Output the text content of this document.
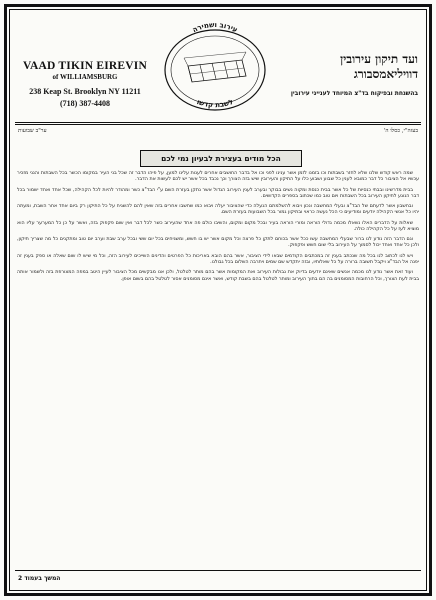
VAAD TIKIN EIREVIN
of WILLIAMSBURG
238 Keap St. Brooklyn NY 11211
(718) 387-4408
עירוב ושמירה
לשבת קדשו
ועד תיקון עירובין
דוויליאמסבורג
בהשגחת ובפיקוח בד"צ המיוחד לענייני עירובין
ער"ב שבועות	בעזה"י, כסלו ה'
הכל מודים בעצירת לבעיון נמי לכם

שמה ראש קודש שלנו שלא לחזר בשבתות וכו בזמנו לזמן אשר ענינו לפני וכו אל בדבר החושבים אחרים לענות עלינו למען, על פיהו הדבר זה שכל בני העיר במקומו הכשר בכל השבתות והנני מזכיר עכשיו אל הציבור כל דבר כמובא לענין כל שבוע ושבוע כלו על התיקון והעירובין שיש בזה הצורך וכך נכבד בכל אשר יש לכם לעשות את הדבר.

בבית מדרשינו ובבתי כנסיות של כל אשר בבית כנסת ומקוה נשים בבוקר ובערב לענין העירוב הגדול אשר נתקן בעזרת השם ע"י הבד"צ כשר ומהודר להיות לכל הקהילה, שכל אחד ואחד ישמור בכל דבר הנוגע לתיקון העירוב בכל השבתות ויום טוב כמו שכתוב בספרים הקדושים.

ובחשבון אשר לדעתם של הבד"צ ובעלי המחשבה ונכון ויבוא להשלמתם הנעלה כדי שהציבור יעלה ויבוא כמו שחשבו אחרים בזה שאין להם להשגיח על כל התיקון רק ביום אחד אחר השבת, ומעתה יהיו כל אנשי הקהילה יודעים ומודיעים כי הכל נעשה כראוי ובתיקון גמור בכל השבועות בעזרת השם.

שאלות על הדברים האלו נשאלו מכמה גדולי הוראה ומורי הוראה בעיר ובכל מקום ומקום, והשיבו כולם פה אחד שהעירוב כשר לכל דבר ואין שום פקפוק בזה, ואשר על כן כל המערער עליו הוא מוציא לעז על כל הקהילה כולה.

וגם הדבר הזה נודע לנו ברור שבעלי המחשבה עשו ככל אשר בכוחם לתקן כל פרצה וכל מקום אשר יש בו חשש, ומשגיחים בכל יום ששי ובכל ערב שבת וערב יום טוב ומתקנים כל מה שצריך תיקון, ולכן כל אחד ואחד יכול לסמוך על העירוב בלי שום חשש ופקפוק.

ויש לנו לכתוב לנו בכל מה שנכתב בענין זה במכתבים הקודמים שבאו לידי הציבור, אשר בהם הובא באריכות כל הפרטים והדינים השייכים לעירוב הזה, וכל מי שיש לו שום שאלה או ספק בענין זה יפנה אל הבד"צ ויקבל תשובה ברורה על כל שאלותיו, ובזה יתקדש שם שמים ויתרבה השלום בכל גבולנו.

ועוד זאת אשר נודע לנו מכמה אנשים שאינם יודעים בדיוק את גבולות העירוב ואת המקומות אשר בהם מותר לטלטל, ולכן אנו מבקשים מכל הציבור לעיין היטב במפה המצורפת בזה ולשמור אותה בבית לעת הצורך, וכל הרחובות המסומנים בה הם בתוך העירוב ומותר לטלטל בהם בשבת קודש, ואשר אינם מסומנים אסור לטלטל בהם בשום אופן.

המשך בעמוד 2
